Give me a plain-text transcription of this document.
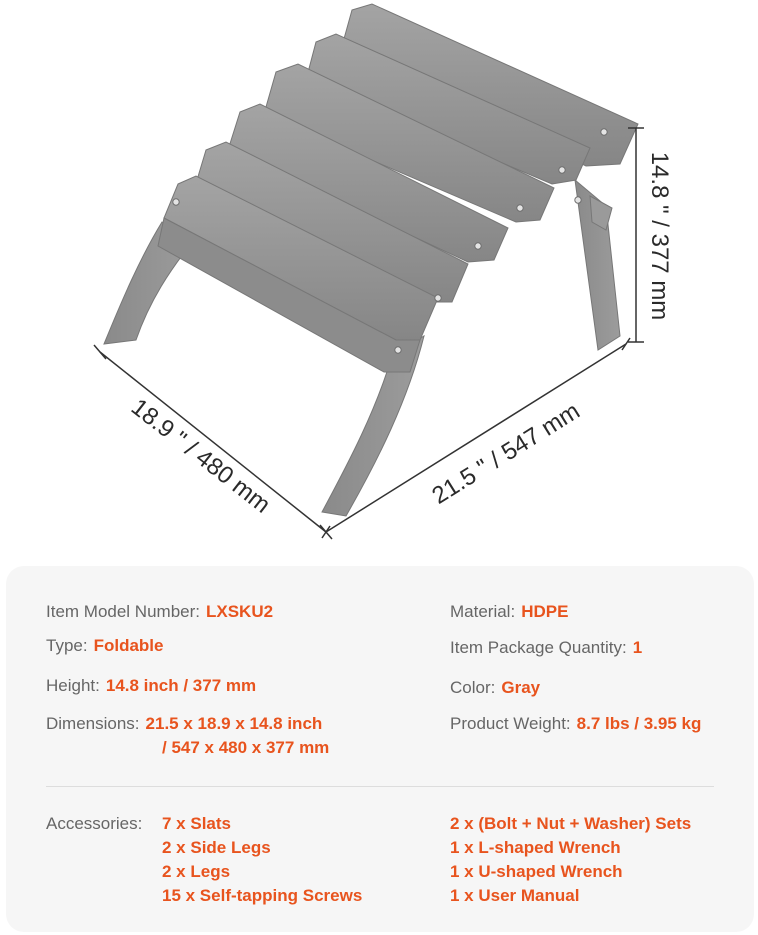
14.8 " / 377 mm
18.9 " / 480 mm	21.5 " / 547 mm
Item Model Number: LXSKU2
Type: Foldable
Height: 14.8 inch / 377 mm
Dimensions: 21.5 x 18.9 x 14.8 inch
/ 547 x 480 x 377 mm
Material: HDPE
Item Package Quantity: 1
Color: Gray
Product Weight: 8.7 lbs / 3.95 kg
Accessories: 7 x Slats
2 x Side Legs
2 x Legs
15 x Self-tapping Screws
2 x (Bolt + Nut + Washer) Sets
1 x L-shaped Wrench
1 x U-shaped Wrench
1 x User Manual
